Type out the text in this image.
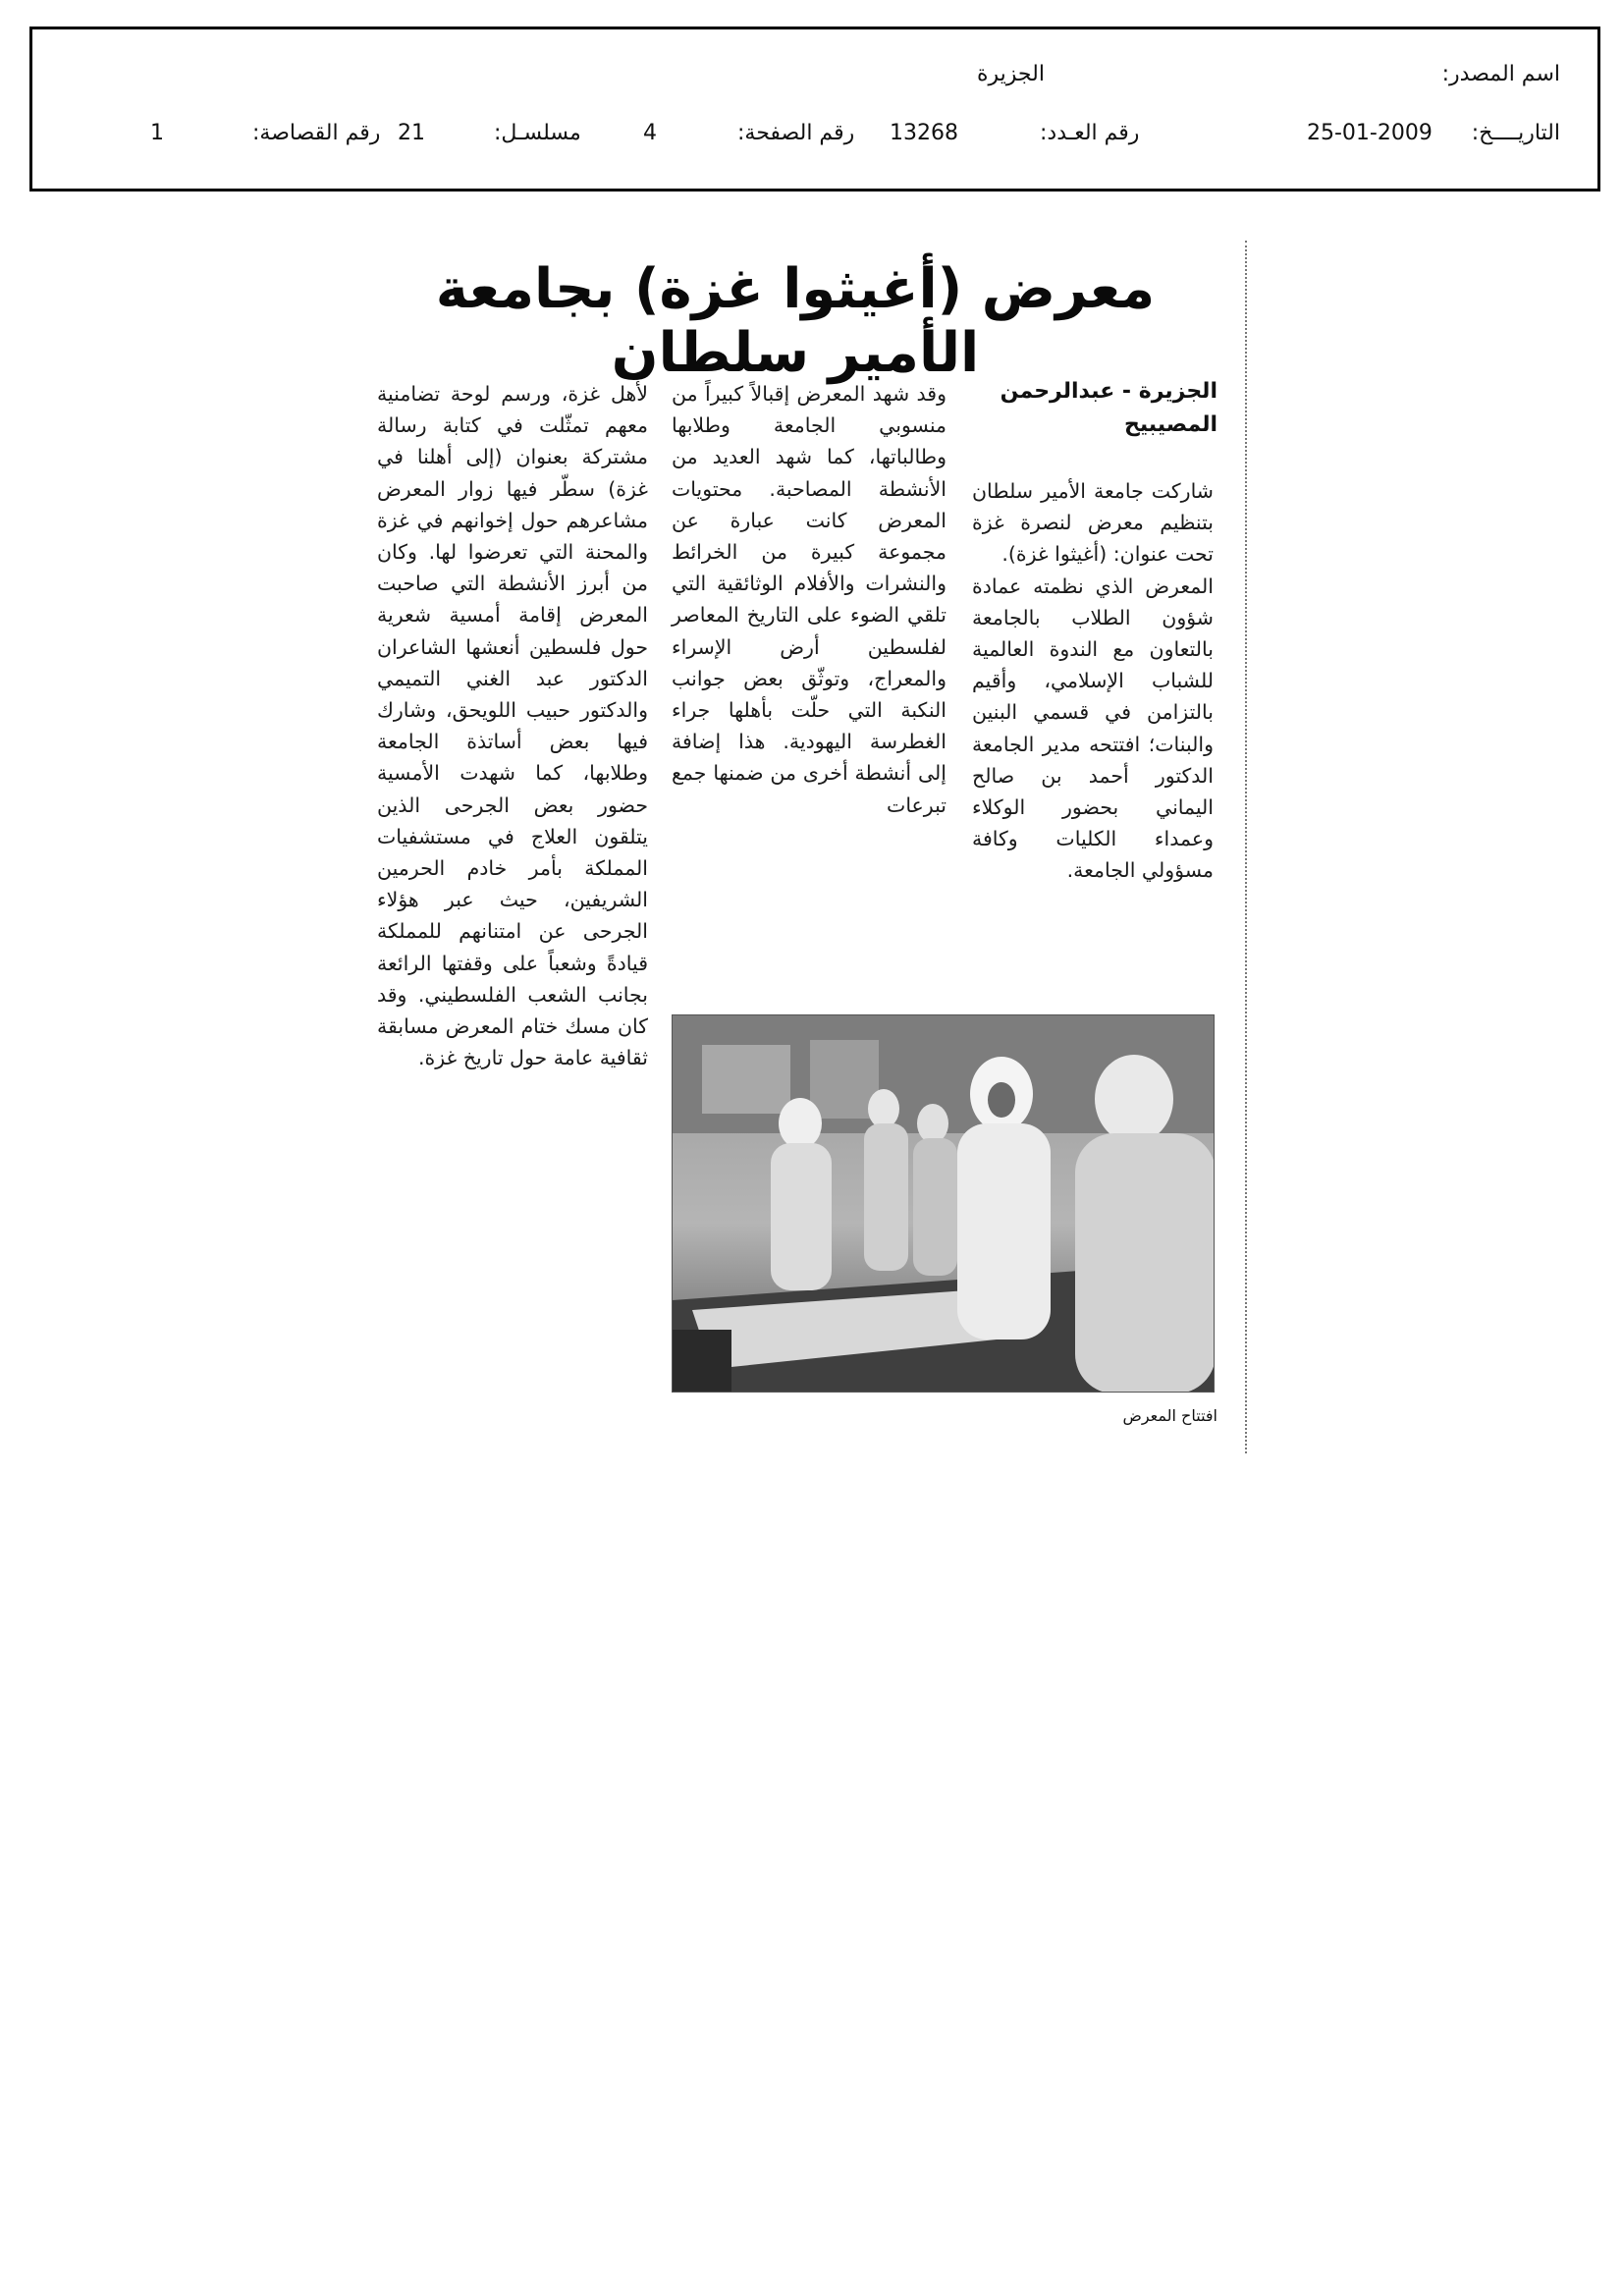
اسم المصدر:
الجزيرة
التاريــــخ:
25-01-2009
رقم العـدد:
13268
رقم الصفحة:
4
مسلسـل:
21
رقم القصاصة:
1
معرض (أغيثوا غزة) بجامعة الأمير سلطان
الجزيرة - عبدالرحمن المصيبيح

شاركت جامعة الأمير سلطان بتنظيم معرض لنصرة غزة تحت عنوان: (أغيثوا غزة).

المعرض الذي نظمته عمادة شؤون الطلاب بالجامعة بالتعاون مع الندوة العالمية للشباب الإسلامي، وأقيم بالتزامن في قسمي البنين والبنات؛ افتتحه مدير الجامعة الدكتور أحمد بن صالح اليماني بحضور الوكلاء وعمداء الكليات وكافة مسؤولي الجامعة.

وقد شهد المعرض إقبالاً كبيراً من منسوبي الجامعة وطلابها وطالباتها، كما شهد العديد من الأنشطة المصاحبة. محتويات المعرض كانت عبارة عن مجموعة كبيرة من الخرائط والنشرات والأفلام الوثائقية التي تلقي الضوء على التاريخ المعاصر لفلسطين أرض الإسراء والمعراج، وتوثّق بعض جوانب النكبة التي حلّت بأهلها جراء الغطرسة اليهودية. هذا إضافة إلى أنشطة أخرى من ضمنها جمع تبرعات

لأهل غزة، ورسم لوحة تضامنية معهم تمثّلت في كتابة رسالة مشتركة بعنوان (إلى أهلنا في غزة) سطّر فيها زوار المعرض مشاعرهم حول إخوانهم في غزة والمحنة التي تعرضوا لها. وكان من أبرز الأنشطة التي صاحبت المعرض إقامة أمسية شعرية حول فلسطين أنعشها الشاعران الدكتور عبد الغني التميمي والدكتور حبيب اللويحق، وشارك فيها بعض أساتذة الجامعة وطلابها، كما شهدت الأمسية حضور بعض الجرحى الذين يتلقون العلاج في مستشفيات المملكة بأمر خادم الحرمين الشريفين، حيث عبر هؤلاء الجرحى عن امتنانهم للمملكة قيادةً وشعباً على وقفتها الرائعة بجانب الشعب الفلسطيني. وقد كان مسك ختام المعرض مسابقة ثقافية عامة حول تاريخ غزة.

افتتاح المعرض
